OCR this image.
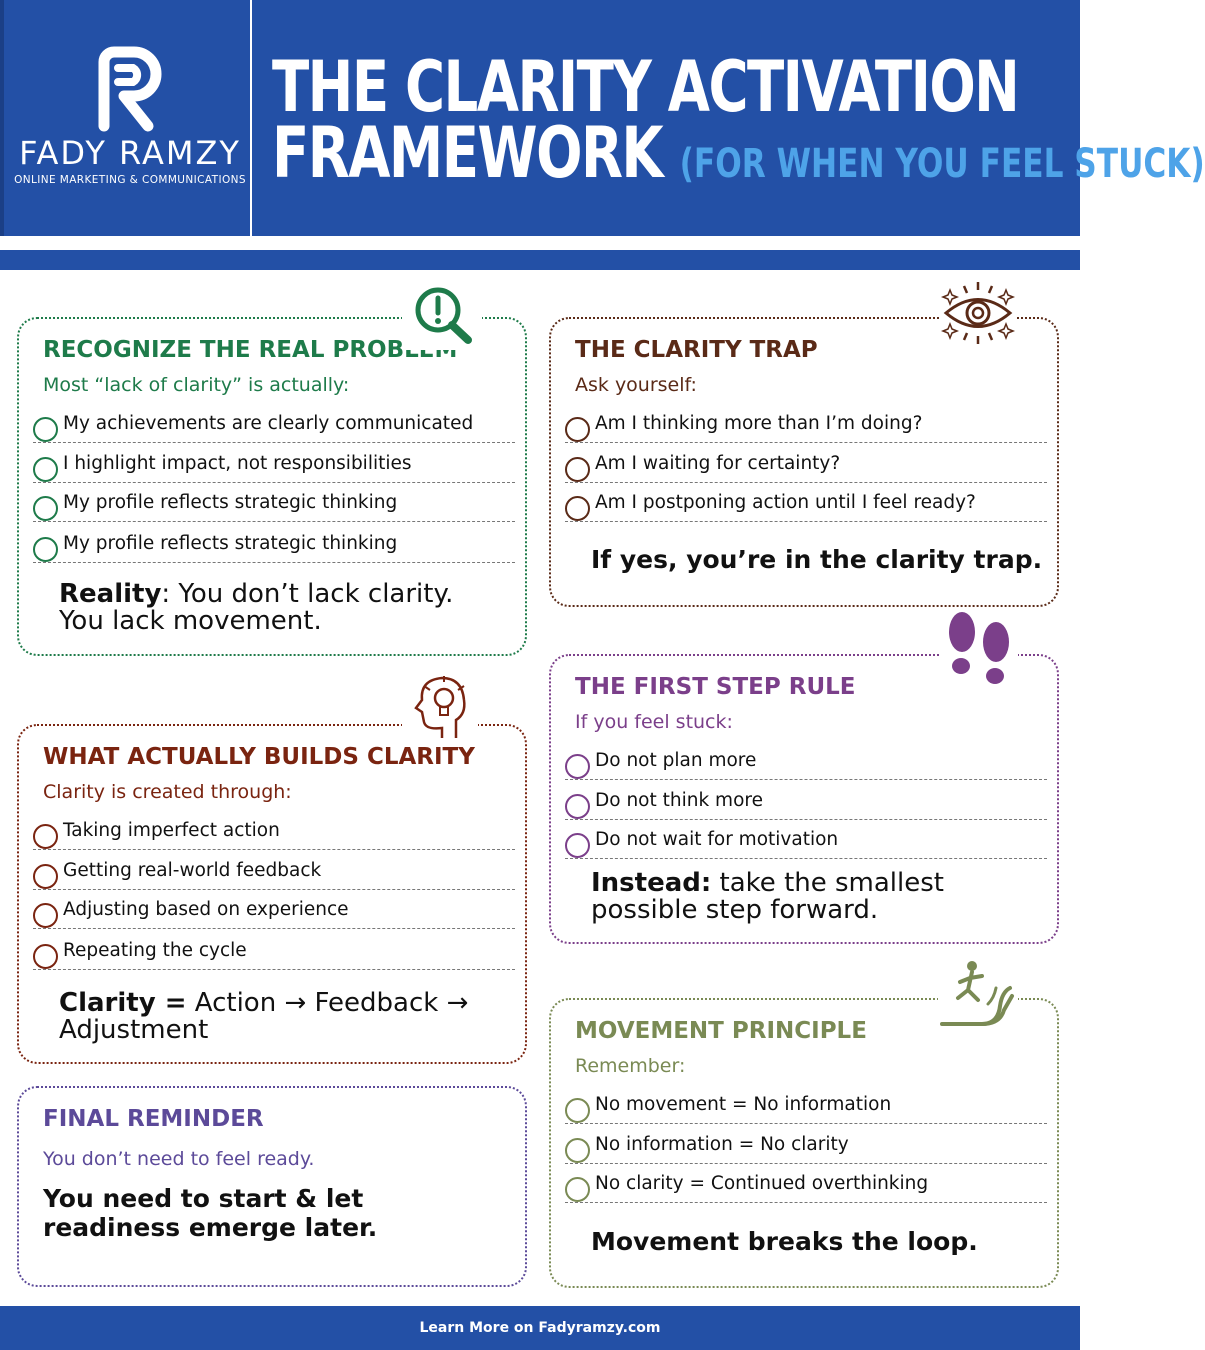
FADY RAMZY
ONLINE MARKETING & COMMUNICATIONS
THE CLARITY ACTIVATION
FRAMEWORK (FOR WHEN YOU FEEL STUCK)
RECOGNIZE THE REAL PROBLEM
Most “lack of clarity” is actually:
My achievements are clearly communicated
I highlight impact, not responsibilities
My profile reflects strategic thinking
My profile reflects strategic thinking
Reality: You don’t lack clarity.
You lack movement.
THE CLARITY TRAP
Ask yourself:
Am I thinking more than I’m doing?
Am I waiting for certainty?
Am I postponing action until I feel ready?
If yes, you’re in the clarity trap.
WHAT ACTUALLY BUILDS CLARITY
Clarity is created through:
Taking imperfect action
Getting real-world feedback
Adjusting based on experience
Repeating the cycle
Clarity = Action → Feedback →
Adjustment
THE FIRST STEP RULE
If you feel stuck:
Do not plan more
Do not think more
Do not wait for motivation
Instead: take the smallest
possible step forward.
FINAL REMINDER
You don’t need to feel ready.
You need to start & let
readiness emerge later.
MOVEMENT PRINCIPLE
Remember:
No movement = No information
No information = No clarity
No clarity = Continued overthinking
Movement breaks the loop.
Learn More on Fadyramzy.com
